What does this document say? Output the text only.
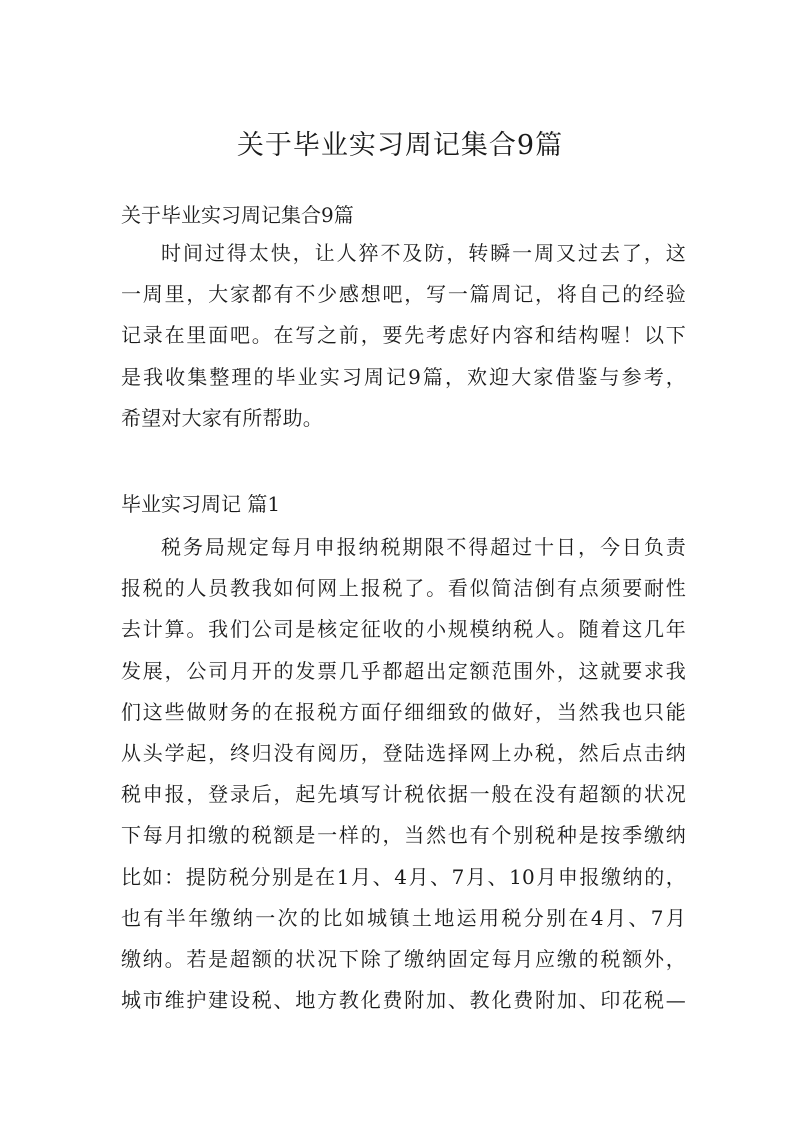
关于毕业实习周记集合9篇
关于毕业实习周记集合9篇
时间过得太快，让人猝不及防，转瞬一周又过去了，这
一周里，大家都有不少感想吧，写一篇周记，将自己的经验
记录在里面吧。在写之前，要先考虑好内容和结构喔！以下
是我收集整理的毕业实习周记9篇，欢迎大家借鉴与参考，
希望对大家有所帮助。
毕业实习周记 篇1
税务局规定每月申报纳税期限不得超过十日，今日负责
报税的人员教我如何网上报税了。看似简洁倒有点须要耐性
去计算。我们公司是核定征收的小规模纳税人。随着这几年
发展，公司月开的发票几乎都超出定额范围外，这就要求我
们这些做财务的在报税方面仔细细致的做好，当然我也只能
从头学起，终归没有阅历，登陆选择网上办税，然后点击纳
税申报，登录后，起先填写计税依据一般在没有超额的状况
下每月扣缴的税额是一样的，当然也有个别税种是按季缴纳
比如：提防税分别是在1月、4月、7月、10月申报缴纳的，
也有半年缴纳一次的比如城镇土地运用税分别在4月、7月
缴纳。若是超额的状况下除了缴纳固定每月应缴的税额外，
城市维护建设税、地方教化费附加、教化费附加、印花税—
